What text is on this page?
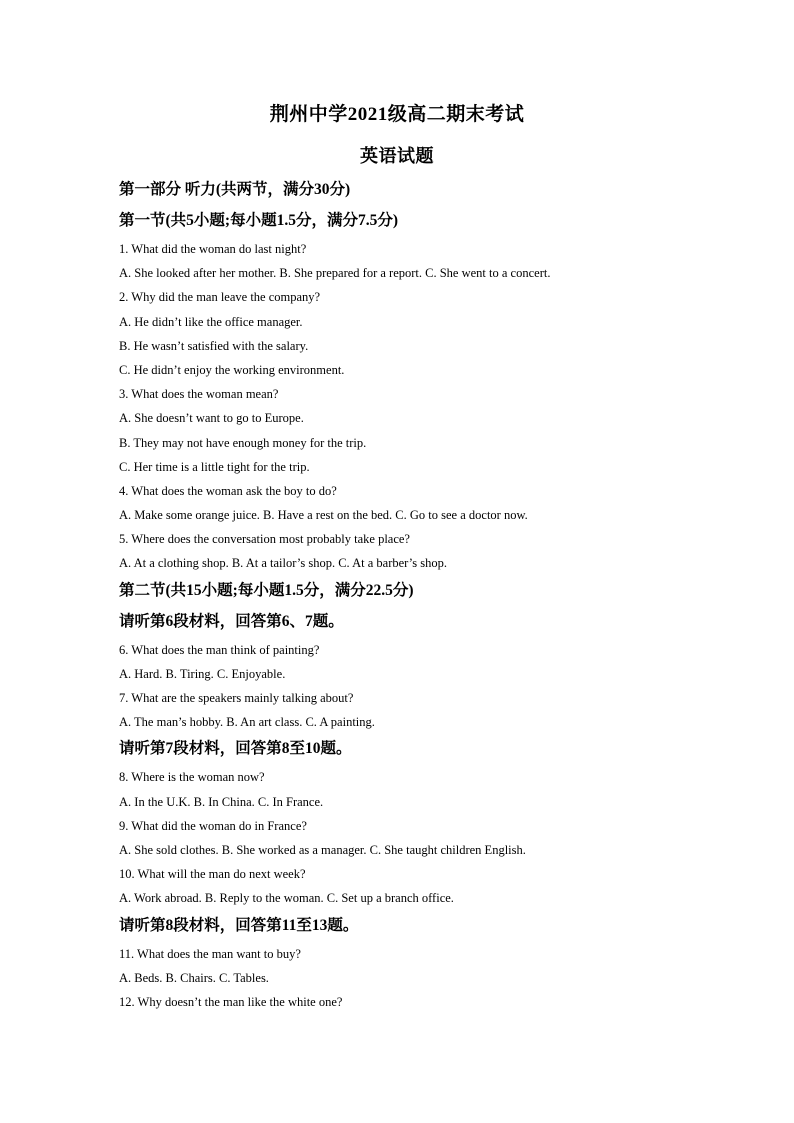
荆州中学2021级高二期末考试
英语试题
第一部分 听力(共两节，满分30分)
第一节(共5小题;每小题1.5分，满分7.5分)
1. What did the woman do last night?
A. She looked after her mother. B. She prepared for a report. C. She went to a concert.
2. Why did the man leave the company?
A. He didn’t like the office manager.
B. He wasn’t satisfied with the salary.
C. He didn’t enjoy the working environment.
3. What does the woman mean?
A. She doesn’t want to go to Europe.
B. They may not have enough money for the trip.
C. Her time is a little tight for the trip.
4. What does the woman ask the boy to do?
A. Make some orange juice. B. Have a rest on the bed. C. Go to see a doctor now.
5. Where does the conversation most probably take place?
A. At a clothing shop. B. At a tailor’s shop. C. At a barber’s shop.
第二节(共15小题;每小题1.5分，满分22.5分)
请听第6段材料，回答第6、7题。
6. What does the man think of painting?
A. Hard. B. Tiring. C. Enjoyable.
7. What are the speakers mainly talking about?
A. The man’s hobby. B. An art class. C. A painting.
请听第7段材料，回答第8至10题。
8. Where is the woman now?
A. In the U.K. B. In China. C. In France.
9. What did the woman do in France?
A. She sold clothes. B. She worked as a manager. C. She taught children English.
10. What will the man do next week?
A. Work abroad. B. Reply to the woman. C. Set up a branch office.
请听第8段材料，回答第11至13题。
11. What does the man want to buy?
A. Beds. B. Chairs. C. Tables.
12. Why doesn’t the man like the white one?
